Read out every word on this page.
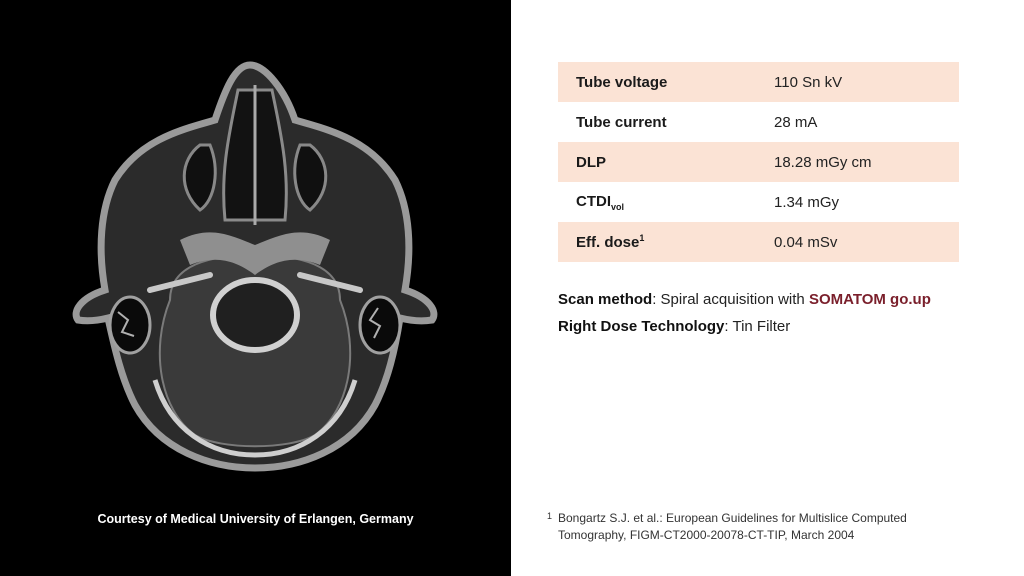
Courtesy of Medical University of Erlangen, Germany
Tube voltage	110 Sn kV
Tube current	28 mA
DLP	18.28 mGy cm
$CTDI_{vol}$	1.34 mGy
Eff. dose$^1$	0.04 mSv
Scan method: Spiral acquisition with SOMATOM go.up
Right Dose Technology: Tin Filter
1 Bongartz S.J. et al.: European Guidelines for Multislice Computed Tomography, FIGM-CT2000-20078-CT-TIP, March 2004
